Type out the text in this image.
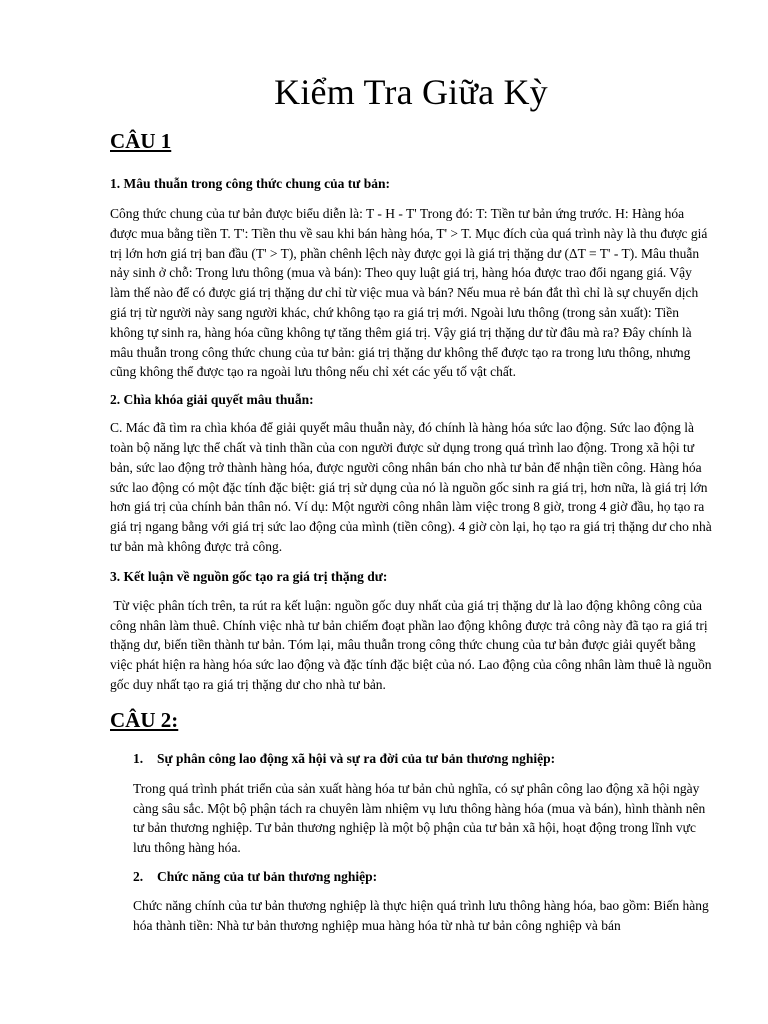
Kiểm Tra Giữa Kỳ
CÂU 1

1. Mâu thuẫn trong công thức chung của tư bản:

Công thức chung của tư bản được biểu diễn là: T - H - T' Trong đó: T: Tiền tư bản ứng trước. H: Hàng hóa được mua bằng tiền T. T': Tiền thu về sau khi bán hàng hóa, T' > T. Mục đích của quá trình này là thu được giá trị lớn hơn giá trị ban đầu (T' > T), phần chênh lệch này được gọi là giá trị thặng dư (ΔT = T' - T). Mâu thuẫn nảy sinh ở chỗ: Trong lưu thông (mua và bán): Theo quy luật giá trị, hàng hóa được trao đổi ngang giá. Vậy làm thế nào để có được giá trị thặng dư chỉ từ việc mua và bán? Nếu mua rẻ bán đắt thì chỉ là sự chuyển dịch giá trị từ người này sang người khác, chứ không tạo ra giá trị mới. Ngoài lưu thông (trong sản xuất): Tiền không tự sinh ra, hàng hóa cũng không tự tăng thêm giá trị. Vậy giá trị thặng dư từ đâu mà ra? Đây chính là mâu thuẫn trong công thức chung của tư bản: giá trị thặng dư không thể được tạo ra trong lưu thông, nhưng cũng không thể được tạo ra ngoài lưu thông nếu chỉ xét các yếu tố vật chất.

2. Chìa khóa giải quyết mâu thuẫn:

C. Mác đã tìm ra chìa khóa để giải quyết mâu thuẫn này, đó chính là hàng hóa sức lao động. Sức lao động là toàn bộ năng lực thể chất và tinh thần của con người được sử dụng trong quá trình lao động. Trong xã hội tư bản, sức lao động trở thành hàng hóa, được người công nhân bán cho nhà tư bản để nhận tiền công. Hàng hóa sức lao động có một đặc tính đặc biệt: giá trị sử dụng của nó là nguồn gốc sinh ra giá trị, hơn nữa, là giá trị lớn hơn giá trị của chính bản thân nó. Ví dụ: Một người công nhân làm việc trong 8 giờ, trong 4 giờ đầu, họ tạo ra giá trị ngang bằng với giá trị sức lao động của mình (tiền công). 4 giờ còn lại, họ tạo ra giá trị thặng dư cho nhà tư bản mà không được trả công.

3. Kết luận về nguồn gốc tạo ra giá trị thặng dư:

Từ việc phân tích trên, ta rút ra kết luận: nguồn gốc duy nhất của giá trị thặng dư là lao động không công của công nhân làm thuê. Chính việc nhà tư bản chiếm đoạt phần lao động không được trả công này đã tạo ra giá trị thặng dư, biến tiền thành tư bản. Tóm lại, mâu thuẫn trong công thức chung của tư bản được giải quyết bằng việc phát hiện ra hàng hóa sức lao động và đặc tính đặc biệt của nó. Lao động của công nhân làm thuê là nguồn gốc duy nhất tạo ra giá trị thặng dư cho nhà tư bản.

CÂU 2:

1. Sự phân công lao động xã hội và sự ra đời của tư bản thương nghiệp:

Trong quá trình phát triển của sản xuất hàng hóa tư bản chủ nghĩa, có sự phân công lao động xã hội ngày càng sâu sắc. Một bộ phận tách ra chuyên làm nhiệm vụ lưu thông hàng hóa (mua và bán), hình thành nên tư bản thương nghiệp. Tư bản thương nghiệp là một bộ phận của tư bản xã hội, hoạt động trong lĩnh vực lưu thông hàng hóa.

2. Chức năng của tư bản thương nghiệp:

Chức năng chính của tư bản thương nghiệp là thực hiện quá trình lưu thông hàng hóa, bao gồm: Biến hàng hóa thành tiền: Nhà tư bản thương nghiệp mua hàng hóa từ nhà tư bản công nghiệp và bán
